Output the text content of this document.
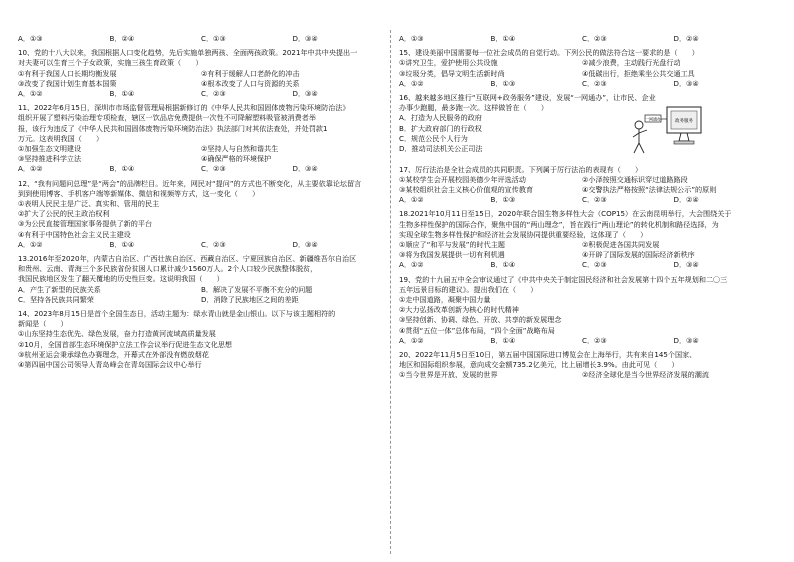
A．①③	B．②④	C．①③	D．③④

10、党的十八大以来，我国根据人口变化趋势，先后实施单独两孩、全面两孩政策。2021年中共中央提出一

对夫妻可以生育三个子女政策，实施三孩生育政策（　　）

①有利于我国人口长期均衡发展	②有利于缓解人口老龄化的冲击
③改变了我国计划生育基本国策	④根本改变了人口与资源的关系
A．①②	B．①④	C．②③	D．③④

11、2022年6月15日，深圳市市场监督管理局根据新修订的《中华人民共和国固体废物污染环境防治法》

组织开展了塑料污染治理专项检查，辖区一饮品店免费提供一次性不可降解塑料吸管被消费者举

报，该行为违反了《中华人民共和国固体废物污染环境防治法》执法部门对其依法查处，并处罚款1

万元。这表明我国（　　）

①加强生态文明建设	②坚持人与自然和谐共生
③坚持推进科学立法	④确保严格的环境保护
A．①②	B．①④	C．②③	D．③④

12、“我有问题问总理”是“两会”的品牌栏目。近年来，网民对“提问”的方式也不断变化，从主要依靠论坛留言

到到使用博客、手机客户端等新媒体、微信和视频等方式，这一变化（　　）

①表明人民民主是广泛、真实和、管用的民主
②扩大了公民的民主政治权利
③为公民直接管理国家事务提供了新的平台
④有利于中国特色社会主义民主建设
A．①②	B．①④	C．②③	D．③④

13.2016年至2020年，内蒙古自治区、广西壮族自治区、西藏自治区、宁夏回族自治区、新疆维吾尔自治区

和贵州、云南、青海三个多民族省份贫困人口累计减少1560万人。2个人口较少民族整体脱贫，

我国民族地区发生了翻天覆地的历史性巨变。这说明我国（　　）

A．产生了新型的民族关系	B．解决了发展不平衡不充分的问题
C．坚持各民族共同繁荣	D．消除了民族地区之间的差距

14、2023年8月15日是首个全国生态日，活动主题为：绿水青山就是金山银山。以下与该主题相符的

新闻是（　　）

①山东坚持生态优先、绿色发展，奋力打造黄河流域高质量发展
②10月，全国首部生态环境保护立法工作会议举行促进生态文化思想
③杭州亚运会秉承绿色办赛理念，开幕式在外部没有燃放烟花
④第四届中国公司领导人青岛峰会在青岛国际会议中心举行
A．①③	B．①④	C．②③	D．②④

15、建设美丽中国需要每一位社会成员的自觉行动。下列公民的做法符合这一要求的是（　　）

①讲究卫生，爱护使用公共设施	②减少浪费，主动践行光盘行动
③垃圾分类，倡导文明生活新时尚	④低碳出行，拒绝乘坐公共交通工具
A．①②	B．①③	C．②③	D．③④

16、越来越多地区推行“互联网+政务服务”建设，发展“一网通办”，让市民、企业

办事少跑腿，最多跑一次。这样做旨在（　　）

A．打造为人民服务的政府
B．扩大政府部门的行政权
C．规范公民个人行为
D．推动司法机关公正司法
一网通办	政务服务

17、厉行法治是全社会成员的共同职责。下列属于厉行法治的表现有（　　）

①某校学生会开展校园美德少年评选活动	②小泽按照交通标识穿过道路路段
③某校组织社会主义核心价值观的宣传教育	④交警执法严格按照“法律法规公示”的原则
A．①②	B．①③	C．②③	D．②④

18.2021年10月11日至15日，2020年联合国生物多样性大会（COP15）在云南昆明举行，大会围绕关于

生物多样性保护的国际合作，聚焦中国的“两山理念”，旨在践行“两山理论”的转化机制和路径选择，为

实现全球生物多样性保护和经济社会发展协同提供重要经验，这体现了（　　）

①顺应了“和平与发展”的时代主题	②积极促进各国共同发展
③将为我国发展提供一切有利机遇	④开辟了国际发展的国际经济新秩序
A．①②	B．①④	C．②③	D．③④

19、党的十九届五中全会审议通过了《中共中央关于制定国民经济和社会发展第十四个五年规划和二〇三

五年远景目标的建议》。提出我们在（　　）

①走中国道路，凝聚中国力量
②大力弘扬改革创新为核心的时代精神
③坚持创新、协调、绿色、开放、共享的新发展理念
④贯彻“五位一体”总体布局，“四个全面”战略布局
A．①②	B．①④	C．②③	D．③④

20、2022年11月5日至10日，第五届中国国际进口博览会在上海举行，共有来自145个国家、

地区和国际组织参展，意向成交金额735.2亿美元，比上届增长3.9%。由此可见（　　）

①当今世界是开放、发展的世界	②经济全球化是当今世界经济发展的潮流
